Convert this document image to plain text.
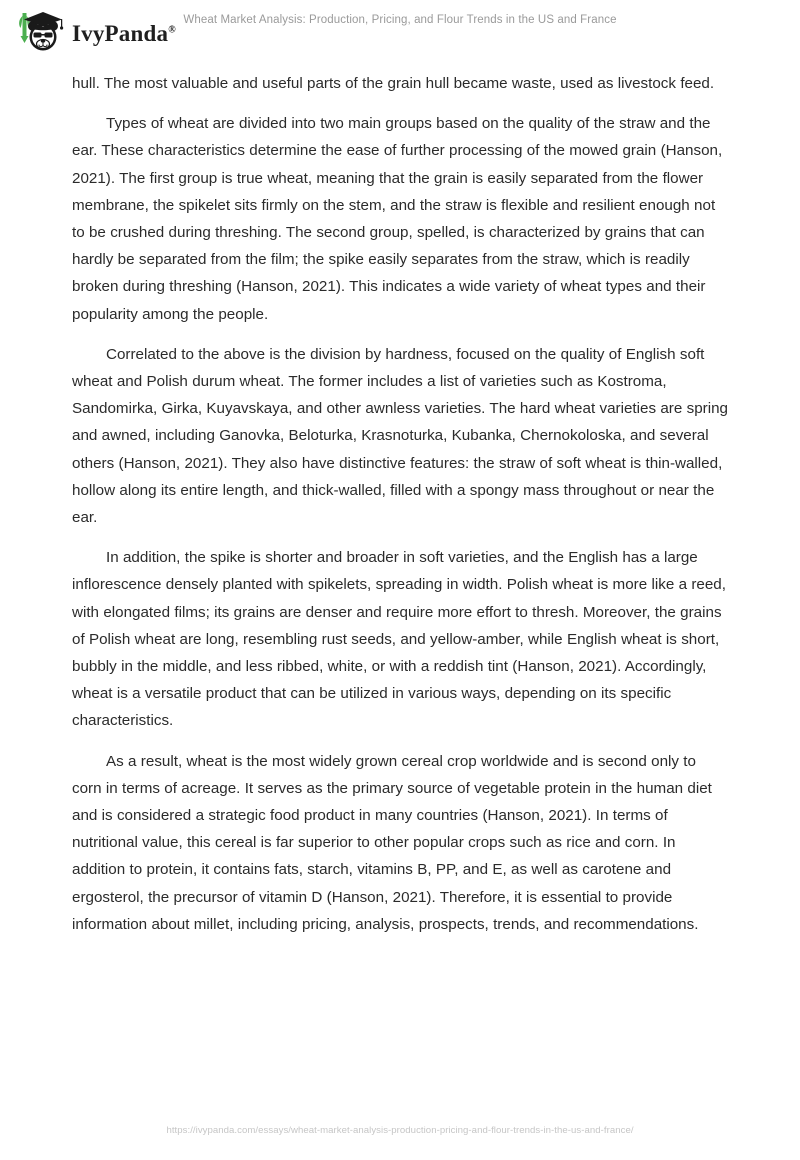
IvyPanda®
Wheat Market Analysis: Production, Pricing, and Flour Trends in the US and France

hull. The most valuable and useful parts of the grain hull became waste, used as livestock feed.

Types of wheat are divided into two main groups based on the quality of the straw and the ear. These characteristics determine the ease of further processing of the mowed grain (Hanson, 2021). The first group is true wheat, meaning that the grain is easily separated from the flower membrane, the spikelet sits firmly on the stem, and the straw is flexible and resilient enough not to be crushed during threshing. The second group, spelled, is characterized by grains that can hardly be separated from the film; the spike easily separates from the straw, which is readily broken during threshing (Hanson, 2021). This indicates a wide variety of wheat types and their popularity among the people.

Correlated to the above is the division by hardness, focused on the quality of English soft wheat and Polish durum wheat. The former includes a list of varieties such as Kostroma, Sandomirka, Girka, Kuyavskaya, and other awnless varieties. The hard wheat varieties are spring and awned, including Ganovka, Beloturka, Krasnoturka, Kubanka, Chernokoloska, and several others (Hanson, 2021). They also have distinctive features: the straw of soft wheat is thin-walled, hollow along its entire length, and thick-walled, filled with a spongy mass throughout or near the ear.

In addition, the spike is shorter and broader in soft varieties, and the English has a large inflorescence densely planted with spikelets, spreading in width. Polish wheat is more like a reed, with elongated films; its grains are denser and require more effort to thresh. Moreover, the grains of Polish wheat are long, resembling rust seeds, and yellow-amber, while English wheat is short, bubbly in the middle, and less ribbed, white, or with a reddish tint (Hanson, 2021). Accordingly, wheat is a versatile product that can be utilized in various ways, depending on its specific characteristics.

As a result, wheat is the most widely grown cereal crop worldwide and is second only to corn in terms of acreage. It serves as the primary source of vegetable protein in the human diet and is considered a strategic food product in many countries (Hanson, 2021). In terms of nutritional value, this cereal is far superior to other popular crops such as rice and corn. In addition to protein, it contains fats, starch, vitamins B, PP, and E, as well as carotene and ergosterol, the precursor of vitamin D (Hanson, 2021). Therefore, it is essential to provide information about millet, including pricing, analysis, prospects, trends, and recommendations.

https://ivypanda.com/essays/wheat-market-analysis-production-pricing-and-flour-trends-in-the-us-and-france/
